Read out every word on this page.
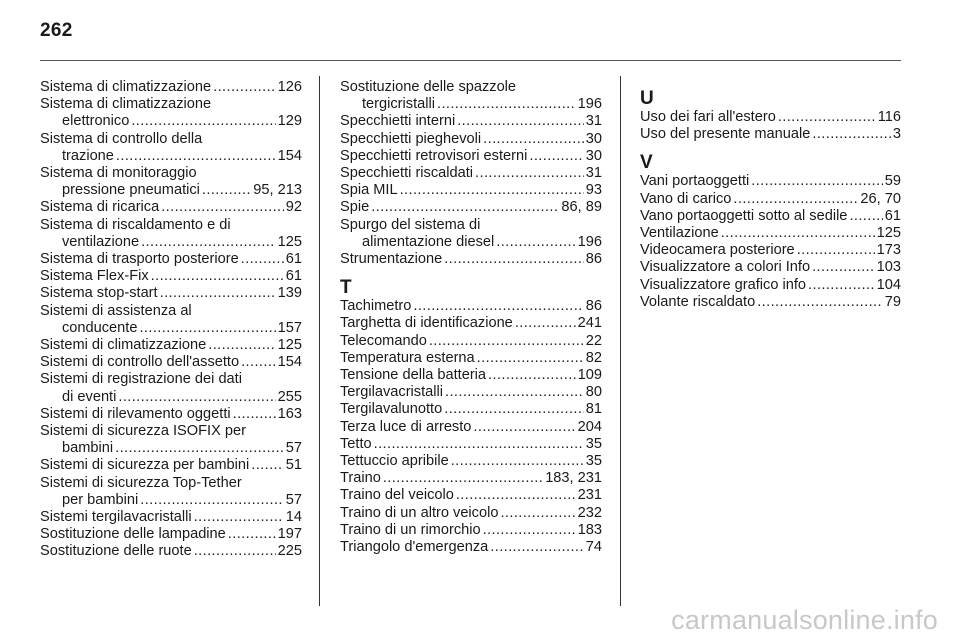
262
Sistema di climatizzazione .....	126
Sistema di climatizzazione
elettronico .....	129
Sistema di controllo della
trazione .....	154
Sistema di monitoraggio
pressione pneumatici .....	95, 213
Sistema di ricarica .....	92
Sistema di riscaldamento e di
ventilazione .....	125
Sistema di trasporto posteriore .....	61
Sistema Flex-Fix .....	61
Sistema stop-start .....	139
Sistemi di assistenza al
conducente .....	157
Sistemi di climatizzazione .....	125
Sistemi di controllo dell'assetto .....	154
Sistemi di registrazione dei dati
di eventi .....	255
Sistemi di rilevamento oggetti .....	163
Sistemi di sicurezza ISOFIX per
bambini .....	57
Sistemi di sicurezza per bambini .....	51
Sistemi di sicurezza Top-Tether
per bambini .....	57
Sistemi tergilavacristalli .....	14
Sostituzione delle lampadine .....	197
Sostituzione delle ruote .....	225
Sostituzione delle spazzole
tergicristalli .....	196
Specchietti interni .....	31
Specchietti pieghevoli .....	30
Specchietti retrovisori esterni .....	30
Specchietti riscaldati .....	31
Spia MIL .....	93
Spie .....	86, 89
Spurgo del sistema di
alimentazione diesel .....	196
Strumentazione .....	86
T
Tachimetro .....	86
Targhetta di identificazione .....	241
Telecomando .....	22
Temperatura esterna .....	82
Tensione della batteria .....	109
Tergilavacristalli .....	80
Tergilavalunotto .....	81
Terza luce di arresto .....	204
Tetto .....	35
Tettuccio apribile .....	35
Traino .....	183, 231
Traino del veicolo .....	231
Traino di un altro veicolo .....	232
Traino di un rimorchio .....	183
Triangolo d'emergenza .....	74
U
Uso dei fari all'estero .....	116
Uso del presente manuale .....	3
V
Vani portaoggetti .....	59
Vano di carico .....	26, 70
Vano portaoggetti sotto al sedile .....	61
Ventilazione .....	125
Videocamera posteriore .....	173
Visualizzatore a colori Info .....	103
Visualizzatore grafico info .....	104
Volante riscaldato .....	79
carmanualsonline.info
